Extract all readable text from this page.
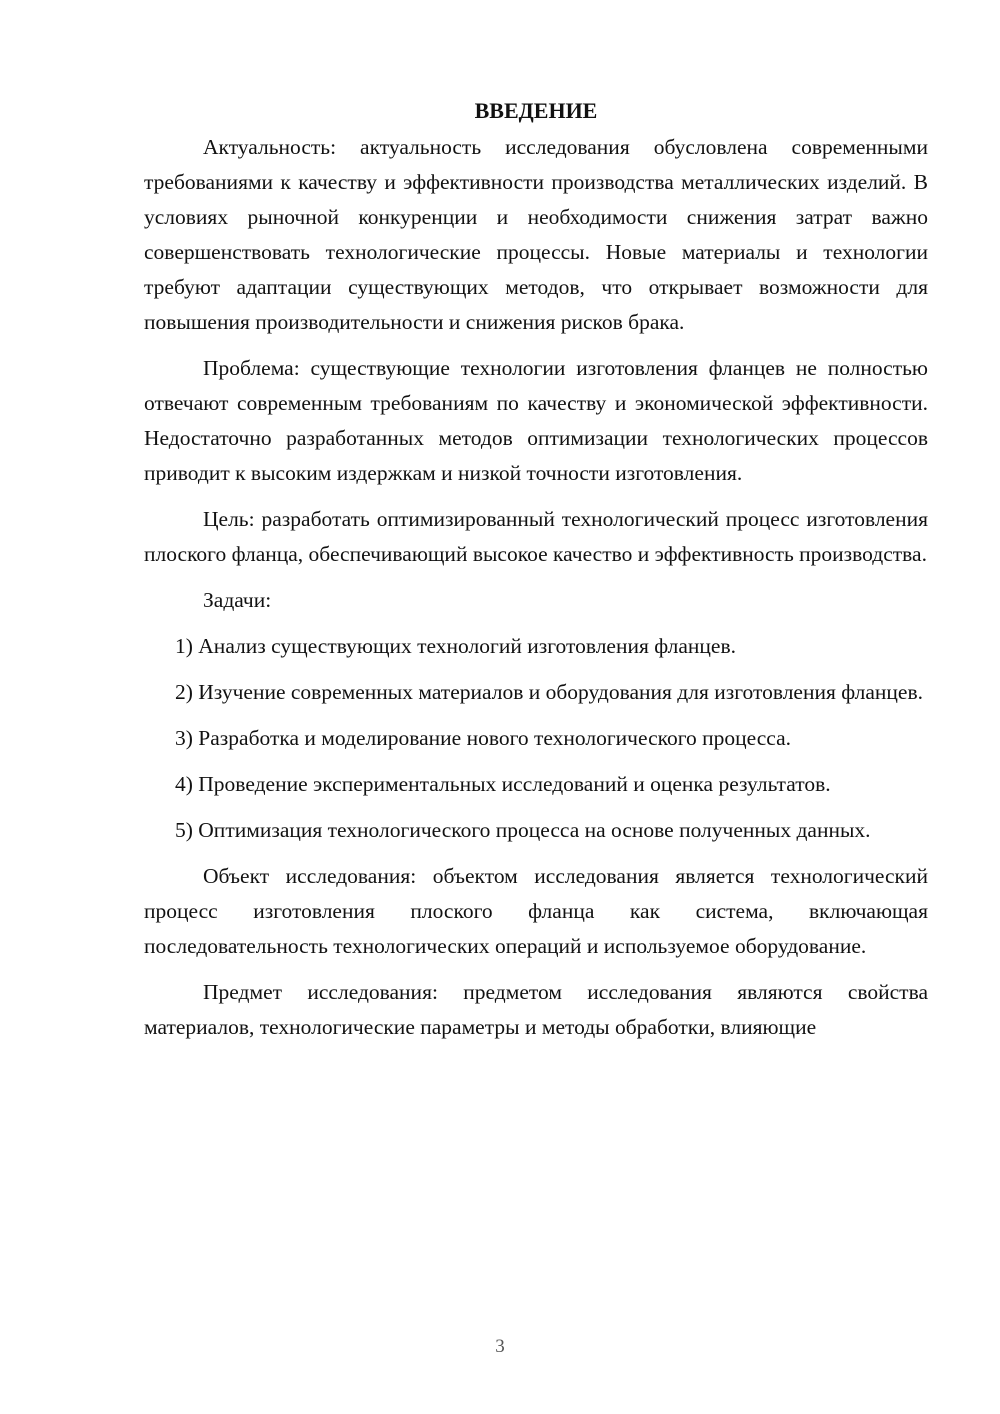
ВВЕДЕНИЕ

Актуальность: актуальность исследования обусловлена современными требованиями к качеству и эффективности производства металлических изделий. В условиях рыночной конкуренции и необходимости снижения затрат важно совершенствовать технологические процессы. Новые материалы и технологии требуют адаптации существующих методов, что открывает возможности для повышения производительности и снижения рисков брака.

Проблема: существующие технологии изготовления фланцев не полностью отвечают современным требованиям по качеству и экономической эффективности. Недостаточно разработанных методов оптимизации технологических процессов приводит к высоким издержкам и низкой точности изготовления.

Цель: разработать оптимизированный технологический процесс изготовления плоского фланца, обеспечивающий высокое качество и эффективность производства.

Задачи:

1) Анализ существующих технологий изготовления фланцев.

2) Изучение современных материалов и оборудования для изготовления фланцев.

3) Разработка и моделирование нового технологического процесса.

4) Проведение экспериментальных исследований и оценка результатов.

5) Оптимизация технологического процесса на основе полученных данных.

Объект исследования: объектом исследования является технологический процесс изготовления плоского фланца как система, включающая последовательность технологических операций и используемое оборудование.

Предмет исследования: предметом исследования являются свойства материалов, технологические параметры и методы обработки, влияющие

3
